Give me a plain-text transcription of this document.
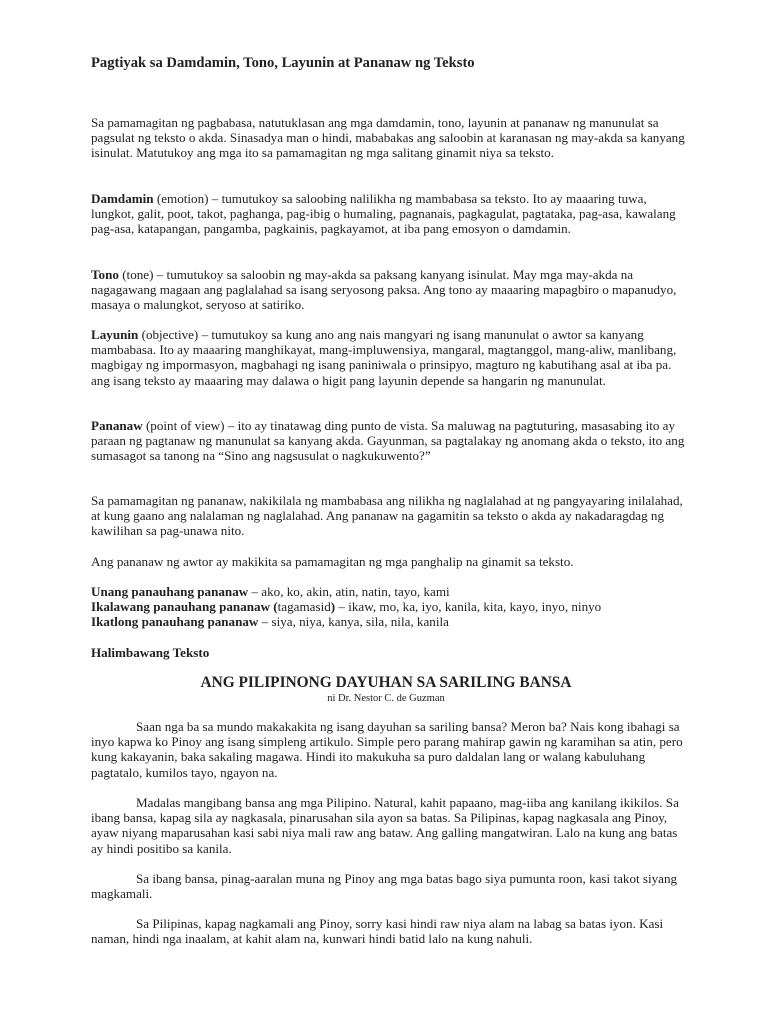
Pagtiyak sa Damdamin, Tono, Layunin at Pananaw ng Teksto

Sa pamamagitan ng pagbabasa, natutuklasan ang mga damdamin, tono, layunin at pananaw ng manunulat sa pagsulat ng teksto o akda. Sinasadya man o hindi, mababakas ang saloobin at karanasan ng may-akda sa kanyang isinulat. Matutukoy ang mga ito sa pamamagitan ng mga salitang ginamit niya sa teksto.

Damdamin (emotion) – tumutukoy sa saloobing nalilikha ng mambabasa sa teksto. Ito ay maaaring tuwa, lungkot, galit, poot, takot, paghanga, pag-ibig o humaling, pagnanais, pagkagulat, pagtataka, pag-asa, kawalang pag-asa, katapangan, pangamba, pagkainis, pagkayamot, at iba pang emosyon o damdamin.

Tono (tone) – tumutukoy sa saloobin ng may-akda sa paksang kanyang isinulat. May mga may-akda na nagagawang magaan ang paglalahad sa isang seryosong paksa. Ang tono ay maaaring mapagbiro o mapanudyo, masaya o malungkot, seryoso at satiriko.

Layunin (objective) – tumutukoy sa kung ano ang nais mangyari ng isang manunulat o awtor sa kanyang mambabasa. Ito ay maaaring manghikayat, mang-impluwensiya, mangaral, magtanggol, mang-aliw, manlibang, magbigay ng impormasyon, magbahagi ng isang paniniwala o prinsipyo, magturo ng kabutihang asal at iba pa. ang isang teksto ay maaaring may dalawa o higit pang layunin depende sa hangarin ng manunulat.

Pananaw (point of view) – ito ay tinatawag ding punto de vista. Sa maluwag na pagtuturing, masasabing ito ay paraan ng pagtanaw ng manunulat sa kanyang akda. Gayunman, sa pagtalakay ng anomang akda o teksto, ito ang sumasagot sa tanong na “Sino ang nagsusulat o nagkukuwento?”

Sa pamamagitan ng pananaw, nakikilala ng mambabasa ang nilikha ng naglalahad at ng pangyayaring inilalahad, at kung gaano ang nalalaman ng naglalahad. Ang pananaw na gagamitin sa teksto o akda ay nakadaragdag ng kawilihan sa pag-unawa nito.

Ang pananaw ng awtor ay makikita sa pamamagitan ng mga panghalip na ginamit sa teksto.

Unang panauhang pananaw – ako, ko, akin, atin, natin, tayo, kami
Ikalawang panauhang pananaw (tagamasid) – ikaw, mo, ka, iyo, kanila, kita, kayo, inyo, ninyo
Ikatlong panauhang pananaw – siya, niya, kanya, sila, nila, kanila

Halimbawang Teksto

ANG PILIPINONG DAYUHAN SA SARILING BANSA

ni Dr. Nestor C. de Guzman

Saan nga ba sa mundo makakakita ng isang dayuhan sa sariling bansa? Meron ba? Nais kong ibahagi sa inyo kapwa ko Pinoy ang isang simpleng artikulo. Simple pero parang mahirap gawin ng karamihan sa atin, pero kung kakayanin, baka sakaling magawa. Hindi ito makukuha sa puro daldalan lang or walang kabuluhang pagtatalo, kumilos tayo, ngayon na.

Madalas mangibang bansa ang mga Pilipino. Natural, kahit papaano, mag-iiba ang kanilang ikikilos. Sa ibang bansa, kapag sila ay nagkasala, pinarusahan sila ayon sa batas. Sa Pilipinas, kapag nagkasala ang Pinoy, ayaw niyang maparusahan kasi sabi niya mali raw ang bataw. Ang galling mangatwiran. Lalo na kung ang batas ay hindi positibo sa kanila.

Sa ibang bansa, pinag-aaralan muna ng Pinoy ang mga batas bago siya pumunta roon, kasi takot siyang magkamali.

Sa Pilipinas, kapag nagkamali ang Pinoy, sorry kasi hindi raw niya alam na labag sa batas iyon. Kasi naman, hindi nga inaalam, at kahit alam na, kunwari hindi batid lalo na kung nahuli.
